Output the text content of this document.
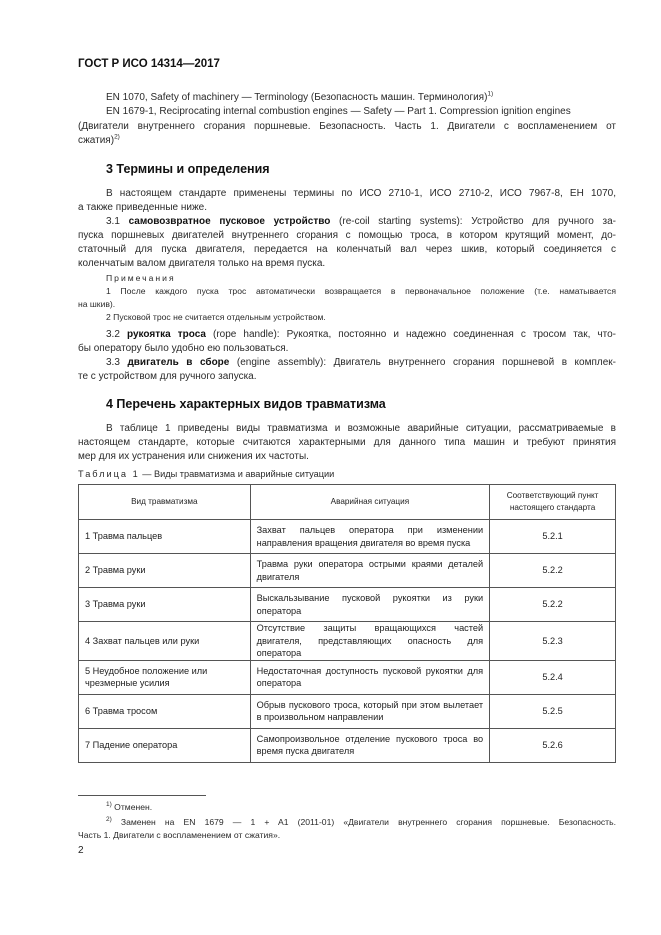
ГОСТ Р ИСО 14314—2017
EN 1070, Safety of machinery — Terminology (Безопасность машин. Терминология)$^{1)}$
EN 1679-1, Reciprocating internal combustion engines — Safety — Part 1. Compression ignition engines
(Двигатели внутреннего сгорания поршневые. Безопасность. Часть 1. Двигатели с воспламенением от
сжатия)$^{2)}$
3 Термины и определения
В настоящем стандарте применены термины по ИСО 2710-1, ИСО 2710-2, ИСО 7967-8, ЕН 1070,
а также приведенные ниже.
3.1 самовозвратное пусковое устройство (re-coil starting systems): Устройство для ручного за-
пуска поршневых двигателей внутреннего сгорания с помощью троса, в котором крутящий момент, до-
статочный для пуска двигателя, передается на коленчатый вал через шкив, который соединяется с
коленчатым валом двигателя только на время пуска.
Примечания
1 После каждого пуска трос автоматически возвращается в первоначальное положение (т.е. наматывается
на шкив).
2 Пусковой трос не считается отдельным устройством.
3.2 рукоятка троса (rope handle): Рукоятка, постоянно и надежно соединенная с тросом так, что-
бы оператору было удобно ею пользоваться.
3.3 двигатель в сборе (engine assembly): Двигатель внутреннего сгорания поршневой в комплек-
те с устройством для ручного запуска.
4 Перечень характерных видов травматизма
В таблице 1 приведены виды травматизма и возможные аварийные ситуации, рассматриваемые в
настоящем стандарте, которые считаются характерными для данного типа машин и требуют принятия
мер для их устранения или снижения их частоты.
Таблица 1 — Виды травматизма и аварийные ситуации
Вид травматизма	Аварийная ситуация	Соответствующий пункт настоящего стандарта
1 Травма пальцев	Захват пальцев оператора при изменении направления вращения двигателя во время пуска	5.2.1
2 Травма руки	Травма руки оператора острыми краями деталей двигателя	5.2.2
3 Травма руки	Выскальзывание пусковой рукоятки из руки оператора	5.2.2
4 Захват пальцев или руки	Отсутствие защиты вращающихся частей двигателя, представляющих опасность для оператора	5.2.3
5 Неудобное положение или чрезмерные усилия	Недостаточная доступность пусковой рукоятки для оператора	5.2.4
6 Травма тросом	Обрыв пускового троса, который при этом вылетает в произвольном направлении	5.2.5
7 Падение оператора	Самопроизвольное отделение пускового троса во время пуска двигателя	5.2.6
$^{1)}$ Отменен.
$^{2)}$ Заменен на EN 1679 — 1 + A1 (2011-01) «Двигатели внутреннего сгорания поршневые. Безопасность.
Часть 1. Двигатели с воспламенением от сжатия».
2
